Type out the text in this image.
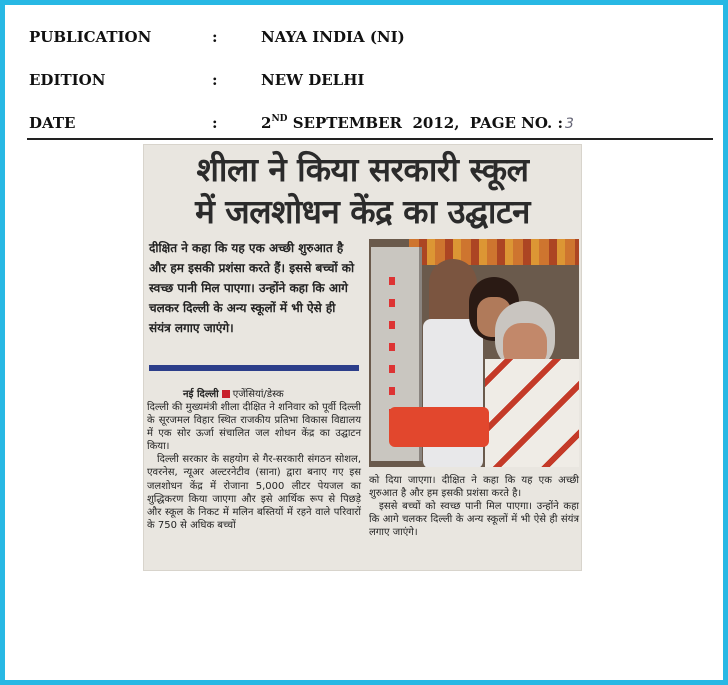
PUBLICATION	:	NAYA INDIA (NI)
EDITION	:	NEW DELHI
DATE	:	2ND SEPTEMBER  2012,  PAGE NO. : 3
शीला ने किया सरकारी स्कूल
में जलशोधन केंद्र का उद्घाटन
दीक्षित ने कहा कि यह एक अच्छी शुरुआत है और हम इसकी प्रशंसा करते हैं। इससे बच्चों को स्वच्छ पानी मिल पाएगा। उन्होंने कहा कि आगे चलकर दिल्ली के अन्य स्कूलों में भी ऐसे ही संयंत्र लगाए जाएंगे।
नई दिल्ली एजेंसियां/डेस्क

दिल्ली की मुख्यमंत्री शीला दीक्षित ने शनिवार को पूर्वी दिल्ली के सूरजमल विहार स्थित राजकीय प्रतिभा विकास विद्यालय में एक सोर ऊर्जा संचालित जल शोधन केंद्र का उद्घाटन किया।

दिल्ली सरकार के सहयोग से गैर-सरकारी संगठन सोशल, एवरनेस, न्यूअर अल्टरनेटीव (साना) द्वारा बनाए गए इस जलशोधन केंद्र में रोजाना 5,000 लीटर पेयजल का शुद्धिकरण किया जाएगा और इसे आर्थिक रूप से पिछड़े और स्कूल के निकट में मलिन बस्तियों में रहने वाले परिवारों के 750 से अधिक बच्चों

को दिया जाएगा। दीक्षित ने कहा कि यह एक अच्छी शुरुआत है और हम इसकी प्रशंसा करते है।

इससे बच्चों को स्वच्छ पानी मिल पाएगा। उन्होंने कहा कि आगे चलकर दिल्ली के अन्य स्कूलों में भी ऐसे ही संयंत्र लगाए जाएंगे।
